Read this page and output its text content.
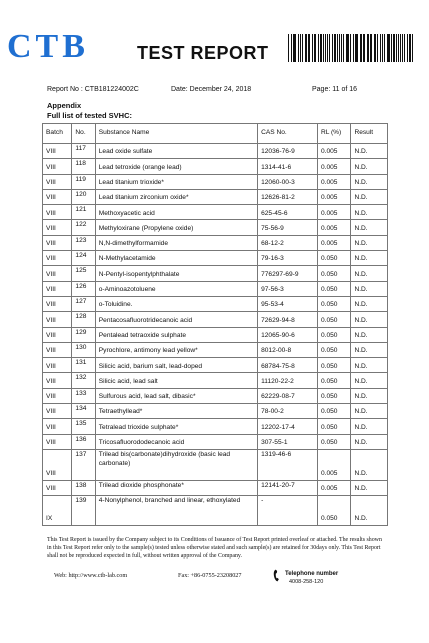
CTB	TEST REPORT
Report No : CTB181224002C	Date: December 24, 2018	Page: 11 of 16
Appendix
Full list of tested SVHC:
Batch	No.	Substance Name	CAS No.	RL (%)	Result
VIII	117	Lead oxide sulfate	12036-76-9	0.005	N.D.
VIII	118	Lead tetroxide (orange lead)	1314-41-6	0.005	N.D.
VIII	119	Lead titanium trioxide*	12060-00-3	0.005	N.D.
VIII	120	Lead titanium zirconium oxide*	12626-81-2	0.005	N.D.
VIII	121	Methoxyacetic acid	625-45-6	0.005	N.D.
VIII	122	Methyloxirane (Propylene oxide)	75-56-9	0.005	N.D.
VIII	123	N,N-dimethylformamide	68-12-2	0.005	N.D.
VIII	124	N-Methylacetamide	79-16-3	0.050	N.D.
VIII	125	N-Pentyl-isopentylphthalate	776297-69-9	0.050	N.D.
VIII	126	o-Aminoazotoluene	97-56-3	0.050	N.D.
VIII	127	o-Toluidine.	95-53-4	0.050	N.D.
VIII	128	Pentacosafluorotridecanoic acid	72629-94-8	0.050	N.D.
VIII	129	Pentalead tetraoxide sulphate	12065-90-6	0.050	N.D.
VIII	130	Pyrochlore, antimony lead yellow*	8012-00-8	0.050	N.D.
VIII	131	Silicic acid, barium salt, lead-doped	68784-75-8	0.050	N.D.
VIII	132	Silicic acid, lead salt	11120-22-2	0.050	N.D.
VIII	133	Sulfurous acid, lead salt, dibasic*	62229-08-7	0.050	N.D.
VIII	134	Tetraethyllead*	78-00-2	0.050	N.D.
VIII	135	Tetralead trioxide sulphate*	12202-17-4	0.050	N.D.
VIII	136	Tricosafluorododecanoic acid	307-55-1	0.050	N.D.
VIII	137	Trilead bis(carbonate)dihydroxide (basic lead carbonate)	1319-46-6	0.005	N.D.
VIII	138	Trilead dioxide phosphonate*	12141-20-7	0.005	N.D.
IX	139	4-Nonylphenol, branched and linear, ethoxylated	-	0.050	N.D.
This Test Report is issued by the Company subject to its Conditions of Issuance of Test Report printed overleaf or attached. The results shown in this Test Report refer only to the sample(s) tested unless otherwise stated and such sample(s) are retained for 30days only. This Test Report shall not be reproduced expected in full, without written approval of the Company.
Web: http://www.ctb-lab.com	Fax: +86-0755-23208027	Telephone number
4008-258-120
